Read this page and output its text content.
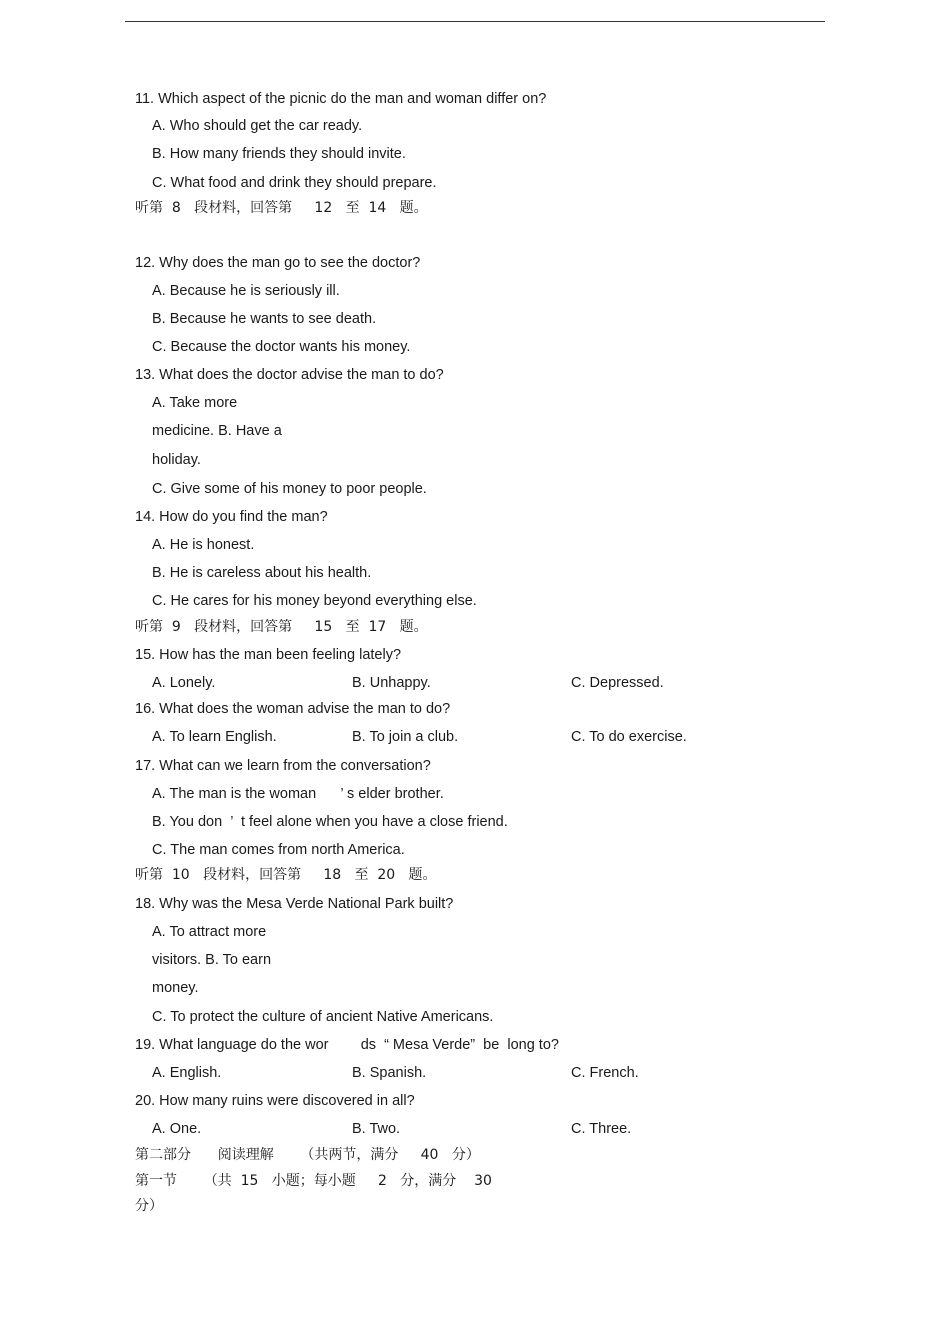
11. Which aspect of the picnic do the man and woman differ on?
A. Who should get the car ready.
B. How many friends they should invite.
C. What food and drink they should prepare.
听第  8   段材料，回答第     12   至  14   题。
12. Why does the man go to see the doctor?
A. Because he is seriously ill.
B. Because he wants to see death.
C. Because the doctor wants his money.
13. What does the doctor advise the man to do?
A. Take more
medicine. B. Have a
holiday.
C. Give some of his money to poor people.
14. How do you find the man?
A. He is honest.
B. He is careless about his health.
C. He cares for his money beyond everything else.
听第  9   段材料，回答第     15   至  17   题。
15. How has the man been feeling lately?
A. Lonely.	B. Unhappy.	C. Depressed.
16. What does the woman advise the man to do?
A. To learn English.	B. To join a club.	C. To do exercise.
17. What can we learn from the conversation?
A. The man is the woman      ’ s elder brother.
B. You don  ’  t feel alone when you have a close friend.
C. The man comes from north America.
听第  10   段材料，回答第     18   至  20   题。
18. Why was the Mesa Verde National Park built?
A. To attract more
visitors. B. To earn
money.
C. To protect the culture of ancient Native Americans.
19. What language do the wor        ds  “ Mesa Verde”  be  long to?
A. English.	B. Spanish.	C. French.
20. How many ruins were discovered in all?
A. One.	B. Two.	C. Three.
第二部分      阅读理解      （共两节，满分     40   分）
第一节      （共  15   小题；每小题     2   分，满分    30
分）
